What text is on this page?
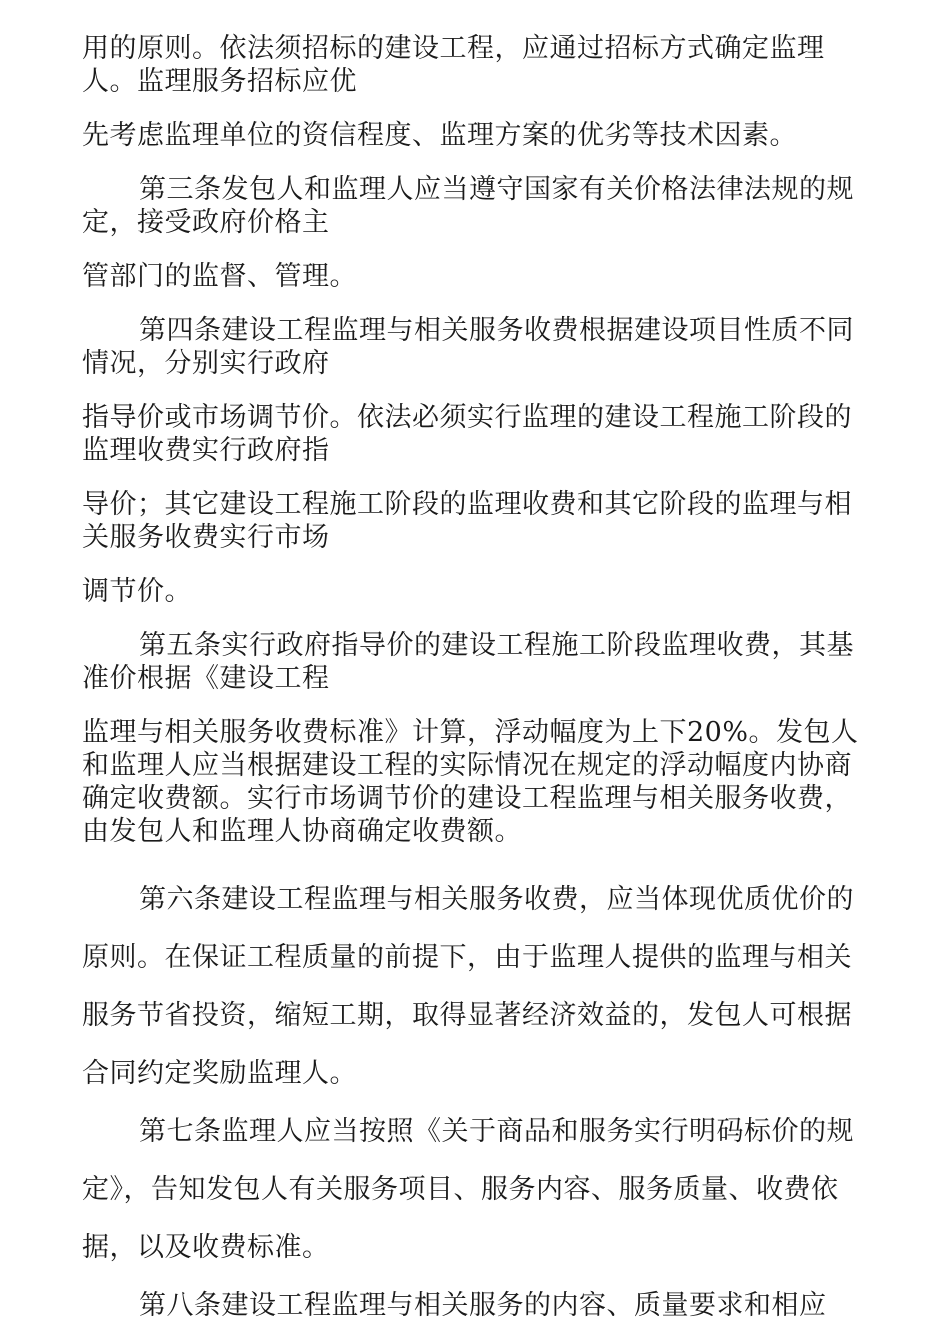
用的原则。依法须招标的建设工程，应通过招标方式确定监理人。监理服务招标应优

先考虑监理单位的资信程度、监理方案的优劣等技术因素。

第三条发包人和监理人应当遵守国家有关价格法律法规的规定，接受政府价格主

管部门的监督、管理。

第四条建设工程监理与相关服务收费根据建设项目性质不同情况，分别实行政府

指导价或市场调节价。依法必须实行监理的建设工程施工阶段的监理收费实行政府指

导价；其它建设工程施工阶段的监理收费和其它阶段的监理与相关服务收费实行市场

调节价。

第五条实行政府指导价的建设工程施工阶段监理收费，其基准价根据《建设工程

监理与相关服务收费标准》计算，浮动幅度为上下20%。发包人和监理人应当根据建设工程的实际情况在规定的浮动幅度内协商确定收费额。实行市场调节价的建设工程监理与相关服务收费，由发包人和监理人协商确定收费额。

第六条建设工程监理与相关服务收费，应当体现优质优价的原则。在保证工程质量的前提下，由于监理人提供的监理与相关服务节省投资，缩短工期，取得显著经济效益的，发包人可根据合同约定奖励监理人。

第七条监理人应当按照《关于商品和服务实行明码标价的规定》，告知发包人有关服务项目、服务内容、服务质量、收费依据，以及收费标准。

第八条建设工程监理与相关服务的内容、质量要求和相应
